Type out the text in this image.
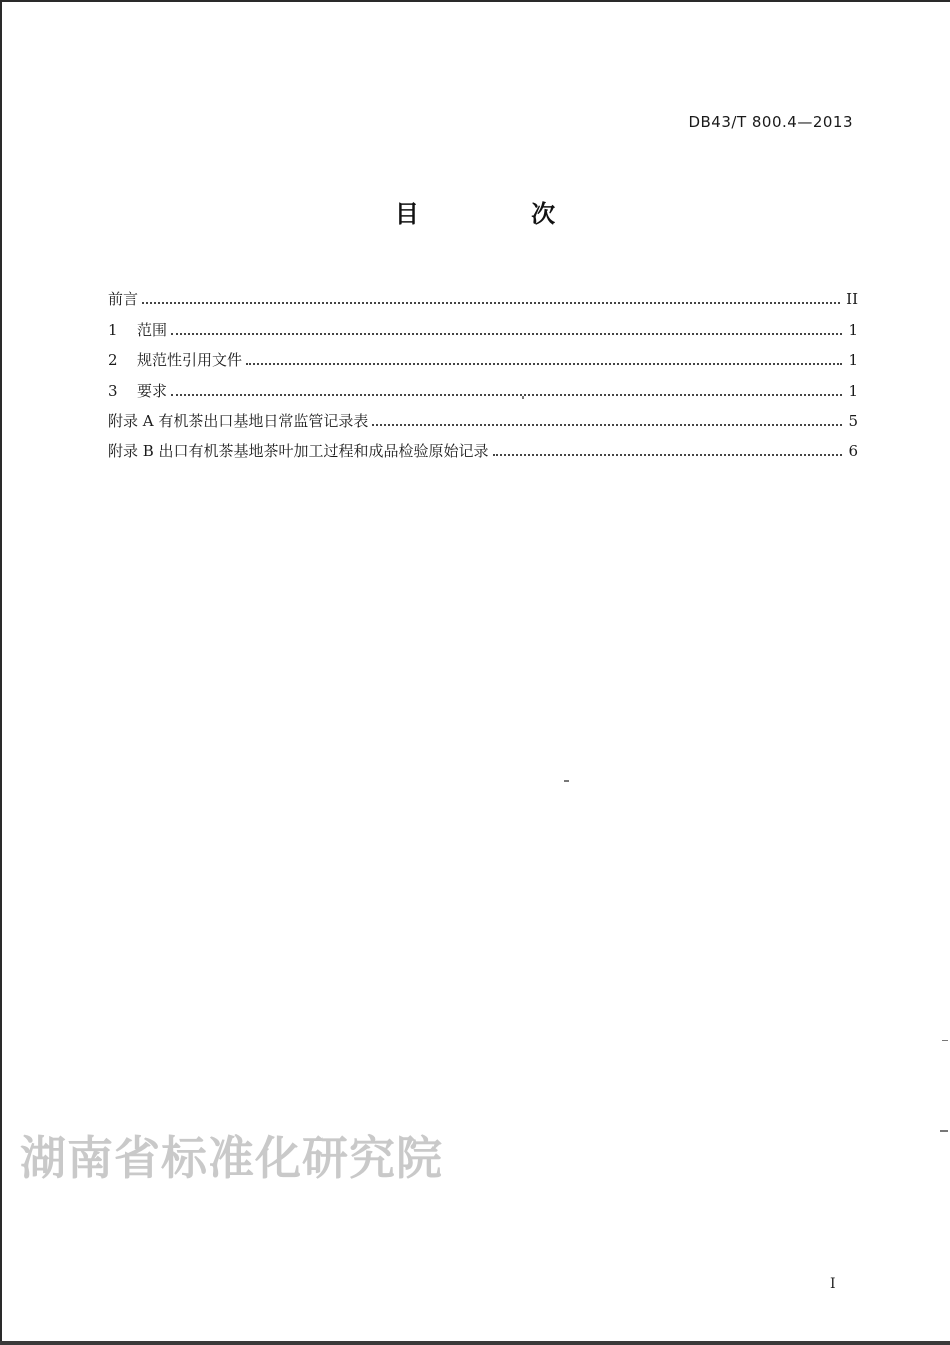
DB43/T 800.4—2013
目 次
前言	II
1	范围	1
2	规范性引用文件	1
3	要求	1
附录 A 有机茶出口基地日常监管记录表	5
附录 B 出口有机茶基地茶叶加工过程和成品检验原始记录	6
湖南省标准化研究院
I
